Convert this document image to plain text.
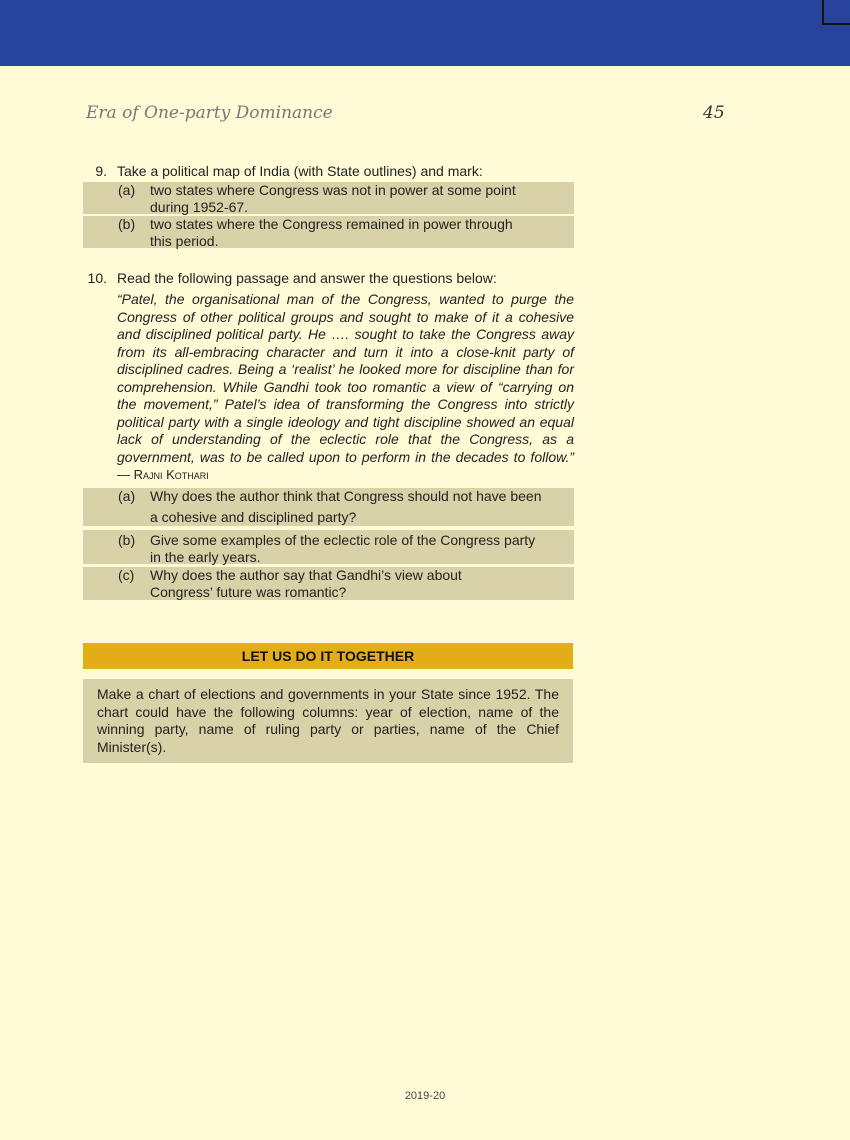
Era of One-party Dominance	45
9. Take a political map of India (with State outlines) and mark:
(a) two states where Congress was not in power at some point
during 1952-67.
(b) two states where the Congress remained in power through
this period.
10. Read the following passage and answer the questions below:
“Patel, the organisational man of the Congress, wanted to purge the Congress of other political groups and sought to make of it a cohesive and disciplined political party. He …. sought to take the Congress away from its all-embracing character and turn it into a close-knit party of disciplined cadres. Being a ‘realist’ he looked more for discipline than for comprehension. While Gandhi took too romantic a view of “carrying on the movement,” Patel’s idea of transforming the Congress into strictly political party with a single ideology and tight discipline showed an equal lack of understanding of the eclectic role that the Congress, as a government, was to be called upon to perform in the decades to follow.” — Rajni Kothari
(a) Why does the author think that Congress should not have been
a cohesive and disciplined party?
(b) Give some examples of the eclectic role of the Congress party
in the early years.
(c) Why does the author say that Gandhi’s view about
Congress’ future was romantic?
LET US DO IT TOGETHER
Make a chart of elections and governments in your State since 1952. The chart could have the following columns: year of election, name of the winning party, name of ruling party or parties, name of the Chief Minister(s).
2019-20
